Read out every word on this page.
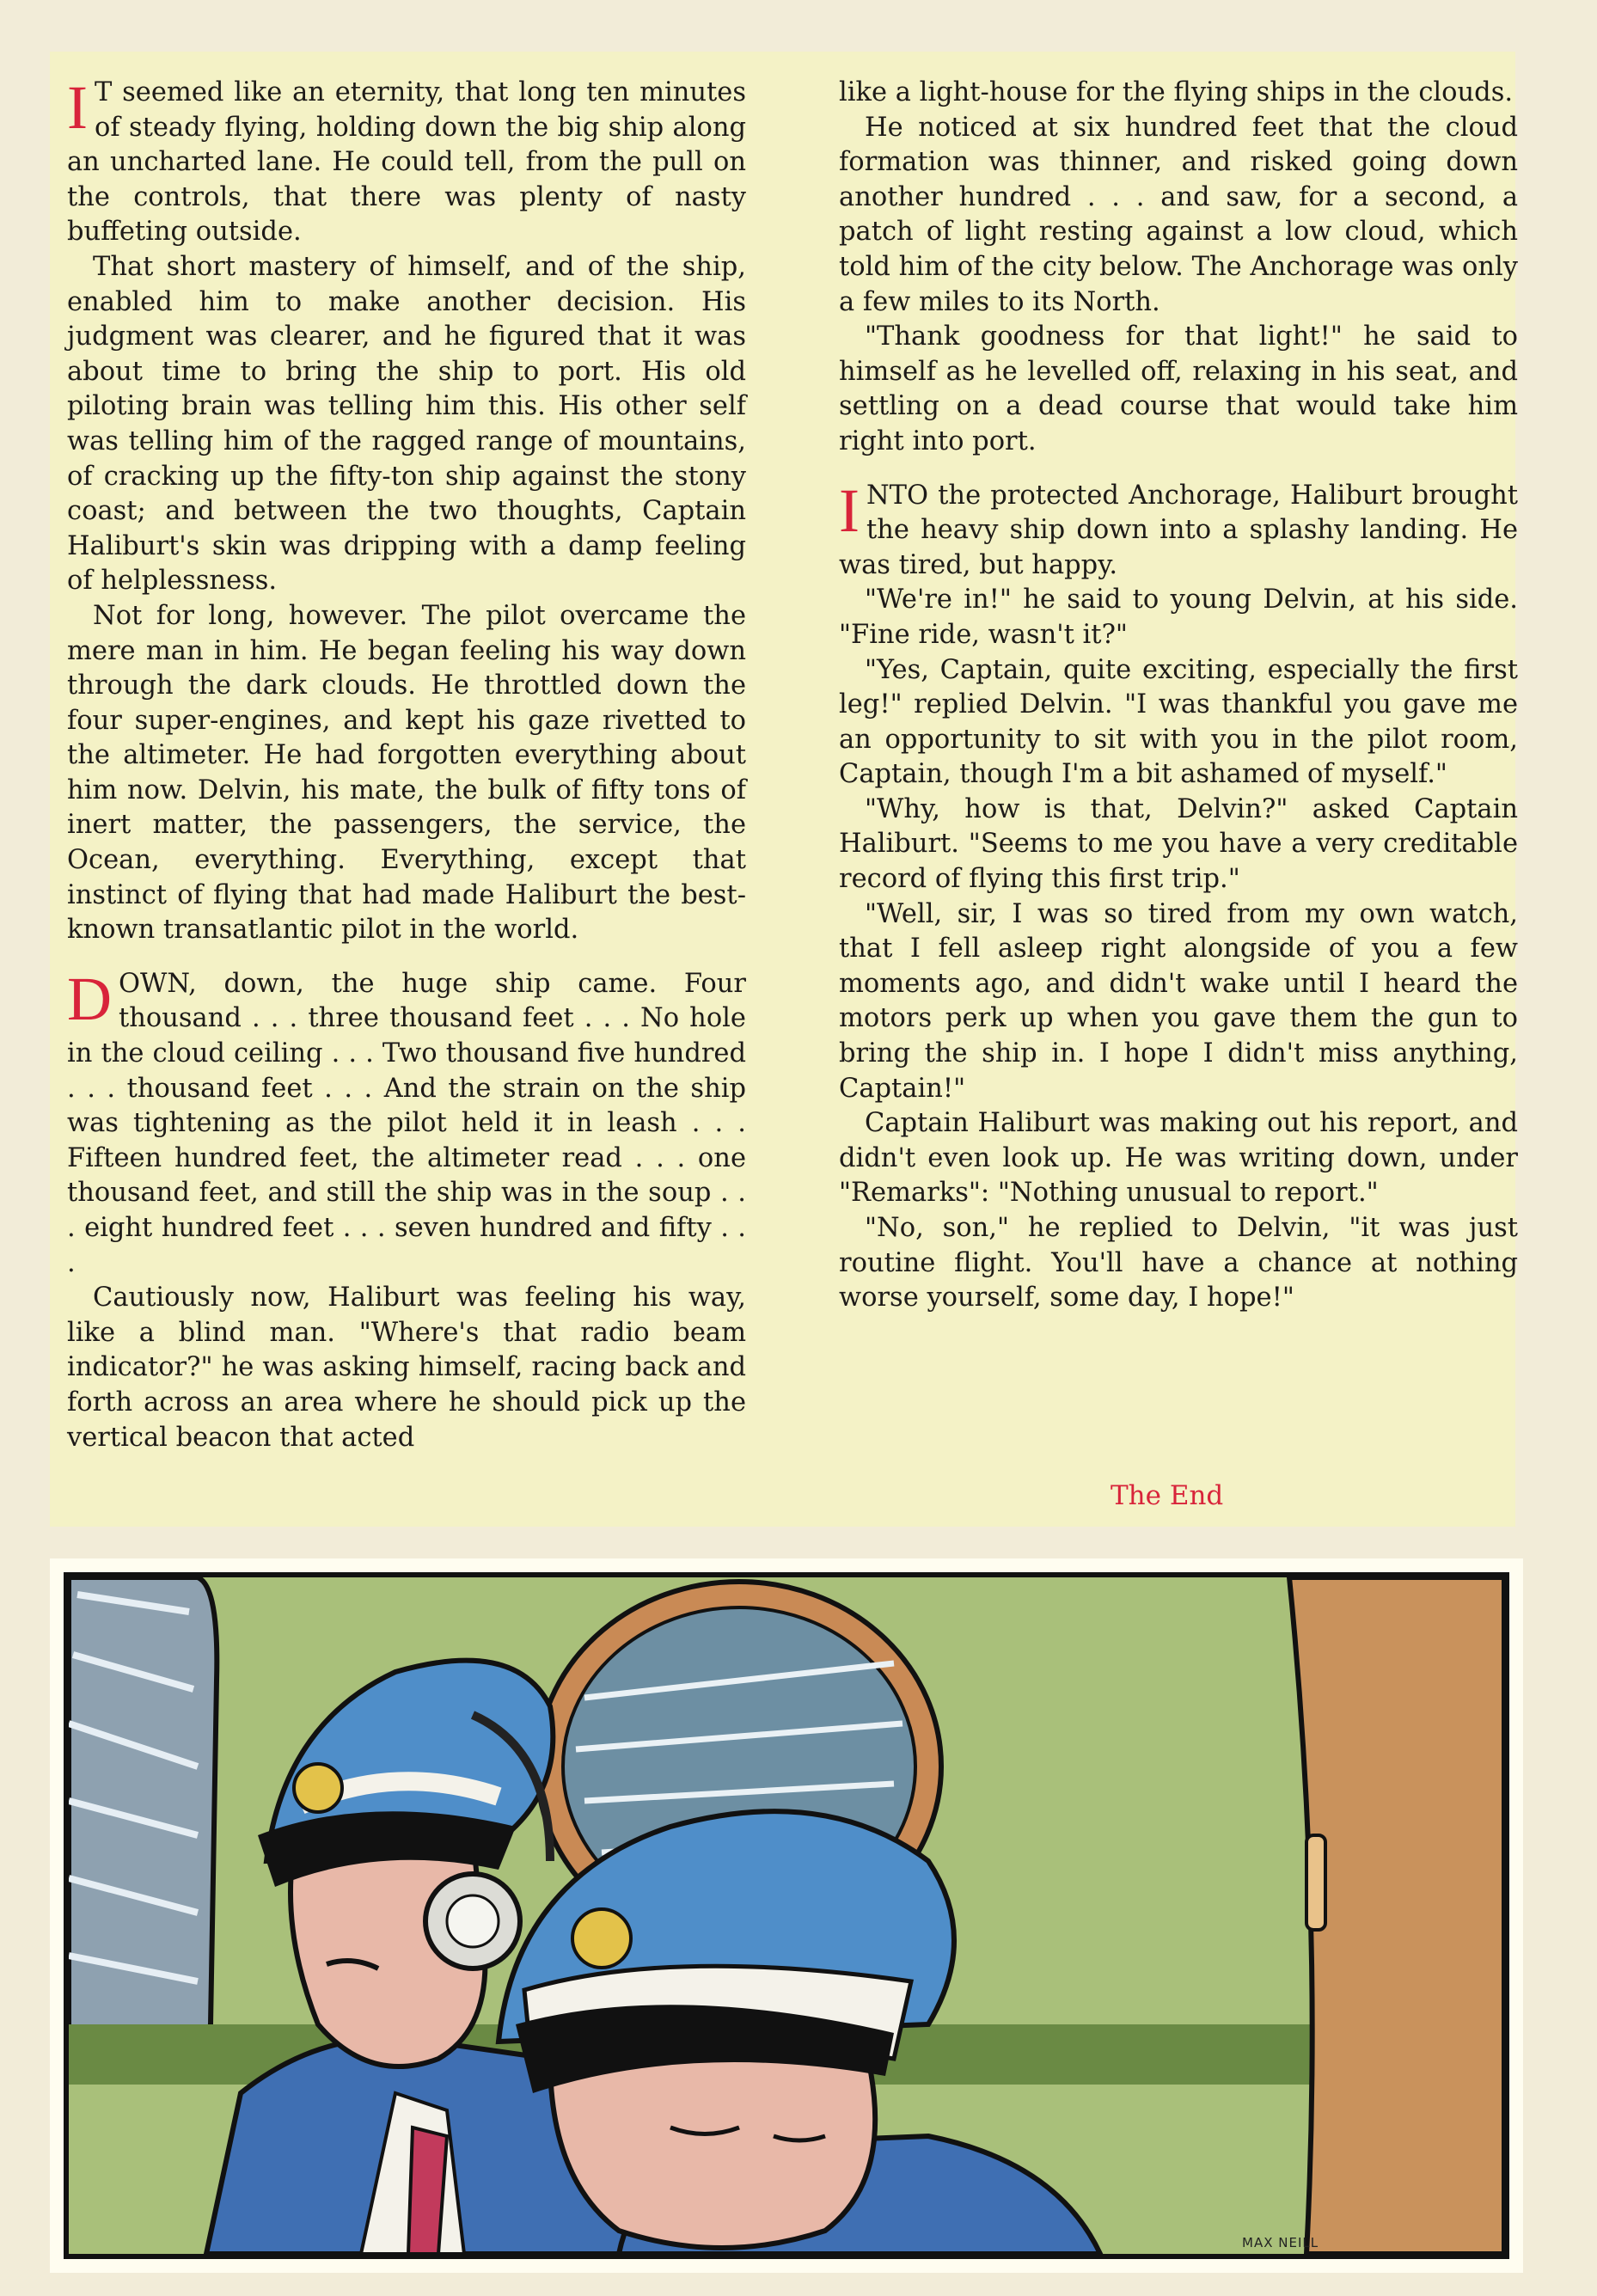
I T seemed like an eternity, that long ten minutes of steady flying, holding down the big ship along an uncharted lane. He could tell, from the pull on the controls, that there was plenty of nasty buffeting outside.

That short mastery of himself, and of the ship, enabled him to make another decision. His judgment was clearer, and he figured that it was about time to bring the ship to port. His old piloting brain was telling him this. His other self was telling him of the ragged range of mountains, of cracking up the fifty-ton ship against the stony coast; and between the two thoughts, Captain Haliburt's skin was dripping with a damp feeling of helplessness.

Not for long, however. The pilot overcame the mere man in him. He began feeling his way down through the dark clouds. He throttled down the four super-engines, and kept his gaze rivetted to the altimeter. He had forgotten everything about him now. Delvin, his mate, the bulk of fifty tons of inert matter, the passengers, the service, the Ocean, everything. Everything, except that instinct of flying that had made Haliburt the best-known transatlantic pilot in the world.

DOWN, down, the huge ship came. Four thousand . . . three thousand feet . . . No hole in the cloud ceiling . . . Two thousand five hundred . . . thousand feet . . . And the strain on the ship was tightening as the pilot held it in leash . . . Fifteen hundred feet, the altimeter read . . . one thousand feet, and still the ship was in the soup . . . eight hundred feet . . . seven hundred and fifty . . .

Cautiously now, Haliburt was feeling his way, like a blind man. "Where's that radio beam indicator?" he was asking himself, racing back and forth across an area where he should pick up the vertical beacon that acted

like a light-house for the flying ships in the clouds.

He noticed at six hundred feet that the cloud formation was thinner, and risked going down another hundred . . . and saw, for a second, a patch of light resting against a low cloud, which told him of the city below. The Anchorage was only a few miles to its North.

"Thank goodness for that light!" he said to himself as he levelled off, relaxing in his seat, and settling on a dead course that would take him right into port.

INTO the protected Anchorage, Haliburt brought the heavy ship down into a splashy landing. He was tired, but happy.

"We're in!" he said to young Delvin, at his side. "Fine ride, wasn't it?"

"Yes, Captain, quite exciting, especially the first leg!" replied Delvin. "I was thankful you gave me an opportunity to sit with you in the pilot room, Captain, though I'm a bit ashamed of myself."

"Why, how is that, Delvin?" asked Captain Haliburt. "Seems to me you have a very creditable record of flying this first trip."

"Well, sir, I was so tired from my own watch, that I fell asleep right alongside of you a few moments ago, and didn't wake until I heard the motors perk up when you gave them the gun to bring the ship in. I hope I didn't miss anything, Captain!"

Captain Haliburt was making out his report, and didn't even look up. He was writing down, under "Remarks": "Nothing unusual to report."

"No, son," he replied to Delvin, "it was just routine flight. You'll have a chance at nothing worse yourself, some day, I hope!"

The End
MAX NEILL
